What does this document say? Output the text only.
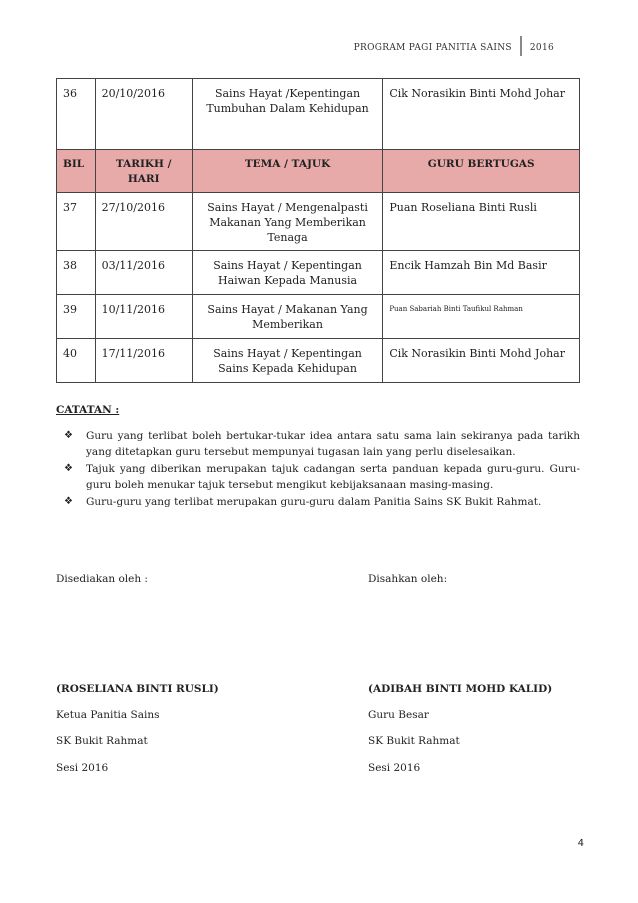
PROGRAM PAGI PANITIA SAINS	2016
36	20/10/2016	Sains Hayat /Kepentingan Tumbuhan Dalam Kehidupan	Cik Norasikin Binti Mohd Johar
BIL	TARIKH / HARI	TEMA / TAJUK	GURU BERTUGAS
37	27/10/2016	Sains Hayat / Mengenalpasti Makanan Yang Memberikan Tenaga	Puan Roseliana Binti Rusli
38	03/11/2016	Sains Hayat / Kepentingan Haiwan Kepada Manusia	Encik Hamzah Bin Md Basir
39	10/11/2016	Sains Hayat / Makanan Yang Memberikan	Puan Sabariah Binti Taufikul Rahman
40	17/11/2016	Sains Hayat / Kepentingan Sains Kepada Kehidupan	Cik Norasikin Binti Mohd Johar
CATATAN :
❖ Guru yang terlibat boleh bertukar-tukar idea antara satu sama lain sekiranya pada tarikh yang ditetapkan guru tersebut mempunyai tugasan lain yang perlu diselesaikan.
❖ Tajuk yang diberikan merupakan tajuk cadangan serta panduan kepada guru-guru. Guru-guru boleh menukar tajuk tersebut mengikut kebijaksanaan masing-masing.
❖ Guru-guru yang terlibat merupakan guru-guru dalam Panitia Sains SK Bukit Rahmat.
Disediakan oleh :
(ROSELIANA BINTI RUSLI)
Ketua Panitia Sains
SK Bukit Rahmat
Sesi 2016
Disahkan oleh:
(ADIBAH BINTI MOHD KALID)
Guru Besar
SK Bukit Rahmat
Sesi 2016
4
